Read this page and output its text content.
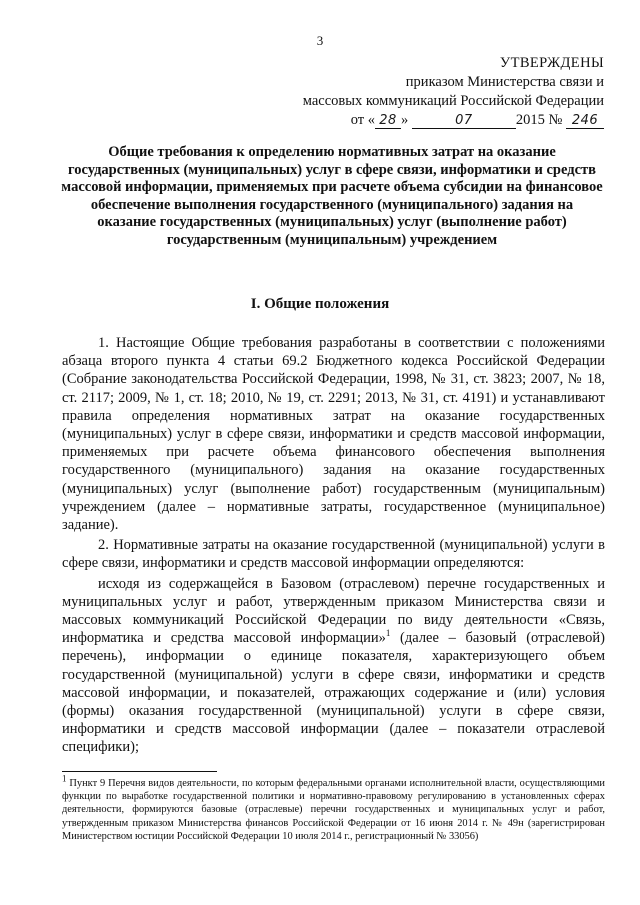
3
УТВЕРЖДЕНЫ
приказом Министерства связи и
массовых коммуникаций Российской Федерации
от « 28 »	07	2015 № 246
Общие требования к определению нормативных затрат на оказание государственных (муниципальных) услуг в сфере связи, информатики и средств массовой информации, применяемых при расчете объема субсидии на финансовое обеспечение выполнения государственного (муниципального) задания на оказание государственных (муниципальных) услуг (выполнение работ) государственным (муниципальным) учреждением
I. Общие положения

1. Настоящие Общие требования разработаны в соответствии с положениями абзаца второго пункта 4 статьи 69.2 Бюджетного кодекса Российской Федерации (Собрание законодательства Российской Федерации, 1998, № 31, ст. 3823; 2007, № 18, ст. 2117; 2009, № 1, ст. 18; 2010, № 19, ст. 2291; 2013, № 31, ст. 4191) и устанавливают правила определения нормативных затрат на оказание государственных (муниципальных) услуг в сфере связи, информатики и средств массовой информации, применяемых при расчете объема финансового обеспечения выполнения государственного (муниципального) задания на оказание государственных (муниципальных) услуг (выполнение работ) государственным (муниципальным) учреждением (далее – нормативные затраты, государственное (муниципальное) задание).

2. Нормативные затраты на оказание государственной (муниципальной) услуги в сфере связи, информатики и средств массовой информации определяются:

исходя из содержащейся в Базовом (отраслевом) перечне государственных и муниципальных услуг и работ, утвержденным приказом Министерства связи и массовых коммуникаций Российской Федерации по виду деятельности «Связь, информатика и средства массовой информации»$^1$ (далее – базовый (отраслевой) перечень), информации о единице показателя, характеризующего объем государственной (муниципальной) услуги в сфере связи, информатики и средств массовой информации, и показателей, отражающих содержание и (или) условия (формы) оказания государственной (муниципальной) услуги в сфере связи, информатики и средств массовой информации (далее – показатели отраслевой специфики);

$^1$ Пункт 9 Перечня видов деятельности, по которым федеральными органами исполнительной власти, осуществляющими функции по выработке государственной политики и нормативно-правовому регулированию в установленных сферах деятельности, формируются базовые (отраслевые) перечни государственных и муниципальных услуг и работ, утвержденным приказом Министерства финансов Российской Федерации от 16 июня 2014 г. № 49н (зарегистрирован Министерством юстиции Российской Федерации 10 июля 2014 г., регистрационный № 33056)
